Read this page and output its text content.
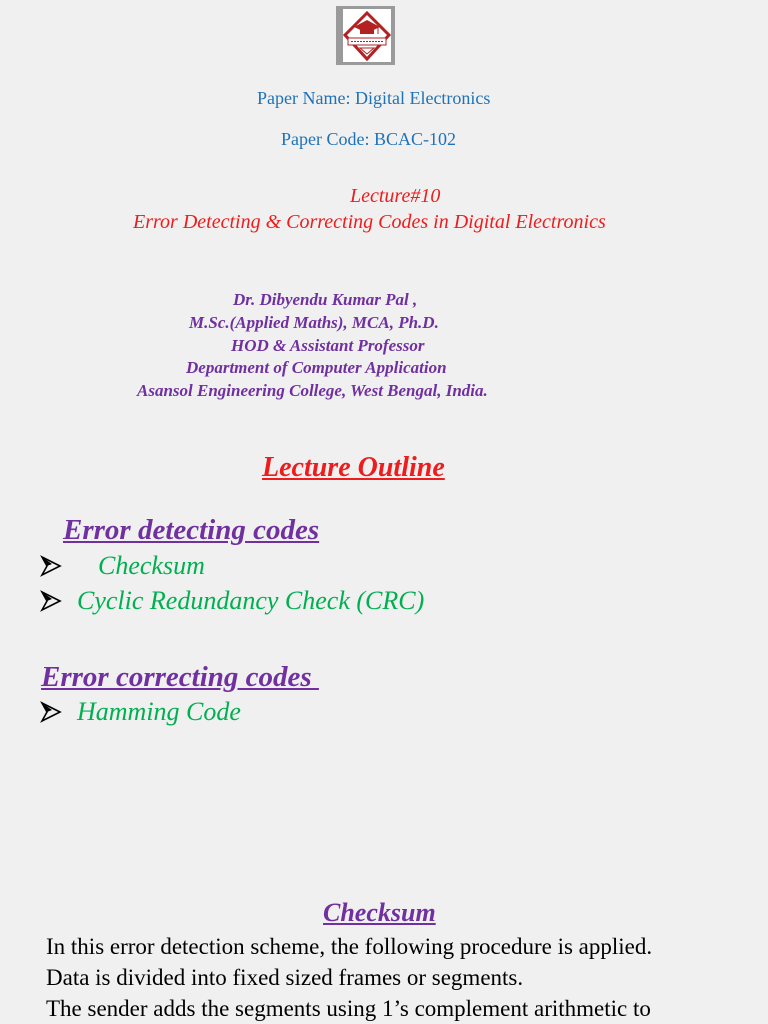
Paper Name: Digital Electronics
Paper Code: BCAC-102
Lecture#10
Error Detecting & Correcting Codes in Digital Electronics
Dr. Dibyendu Kumar Pal ,
M.Sc.(Applied Maths), MCA, Ph.D.
HOD & Assistant Professor
Department of Computer Application
Asansol Engineering College, West Bengal, India.
Lecture Outline
Error detecting codes
Checksum
Cyclic Redundancy Check (CRC)
Error correcting codes
Hamming Code
Checksum
In this error detection scheme, the following procedure is applied.
Data is divided into fixed sized frames or segments.
The sender adds the segments using 1’s complement arithmetic to
